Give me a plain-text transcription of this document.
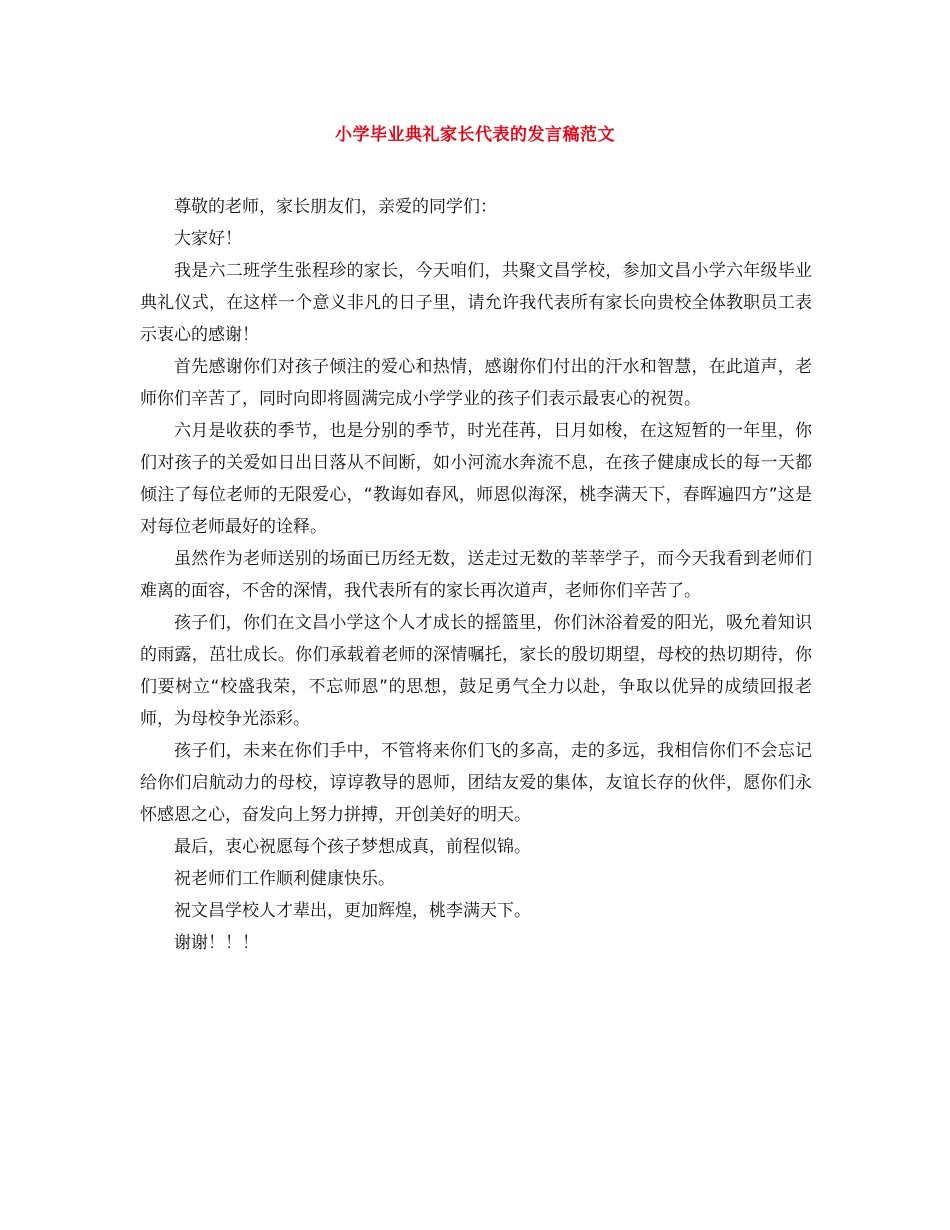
小学毕业典礼家长代表的发言稿范文

尊敬的老师，家长朋友们，亲爱的同学们：

大家好！

我是六二班学生张程珍的家长，今天咱们，共聚文昌学校，参加文昌小学六年级毕业典礼仪式，在这样一个意义非凡的日子里，请允许我代表所有家长向贵校全体教职员工表示衷心的感谢！

首先感谢你们对孩子倾注的爱心和热情，感谢你们付出的汗水和智慧，在此道声，老师你们辛苦了，同时向即将圆满完成小学学业的孩子们表示最衷心的祝贺。

六月是收获的季节，也是分别的季节，时光荏苒，日月如梭，在这短暂的一年里，你们对孩子的关爱如日出日落从不间断，如小河流水奔流不息，在孩子健康成长的每一天都倾注了每位老师的无限爱心，“教诲如春风，师恩似海深，桃李满天下，春晖遍四方”这是对每位老师最好的诠释。

虽然作为老师送别的场面已历经无数，送走过无数的莘莘学子，而今天我看到老师们难离的面容，不舍的深情，我代表所有的家长再次道声，老师你们辛苦了。

孩子们，你们在文昌小学这个人才成长的摇篮里，你们沐浴着爱的阳光，吸允着知识的雨露，茁壮成长。你们承载着老师的深情嘱托，家长的殷切期望，母校的热切期待，你们要树立“校盛我荣，不忘师恩”的思想，鼓足勇气全力以赴，争取以优异的成绩回报老师，为母校争光添彩。

孩子们，未来在你们手中，不管将来你们飞的多高，走的多远，我相信你们不会忘记给你们启航动力的母校，谆谆教导的恩师，团结友爱的集体，友谊长存的伙伴，愿你们永怀感恩之心，奋发向上努力拼搏，开创美好的明天。

最后，衷心祝愿每个孩子梦想成真，前程似锦。

祝老师们工作顺利健康快乐。

祝文昌学校人才辈出，更加辉煌，桃李满天下。

谢谢！！！
